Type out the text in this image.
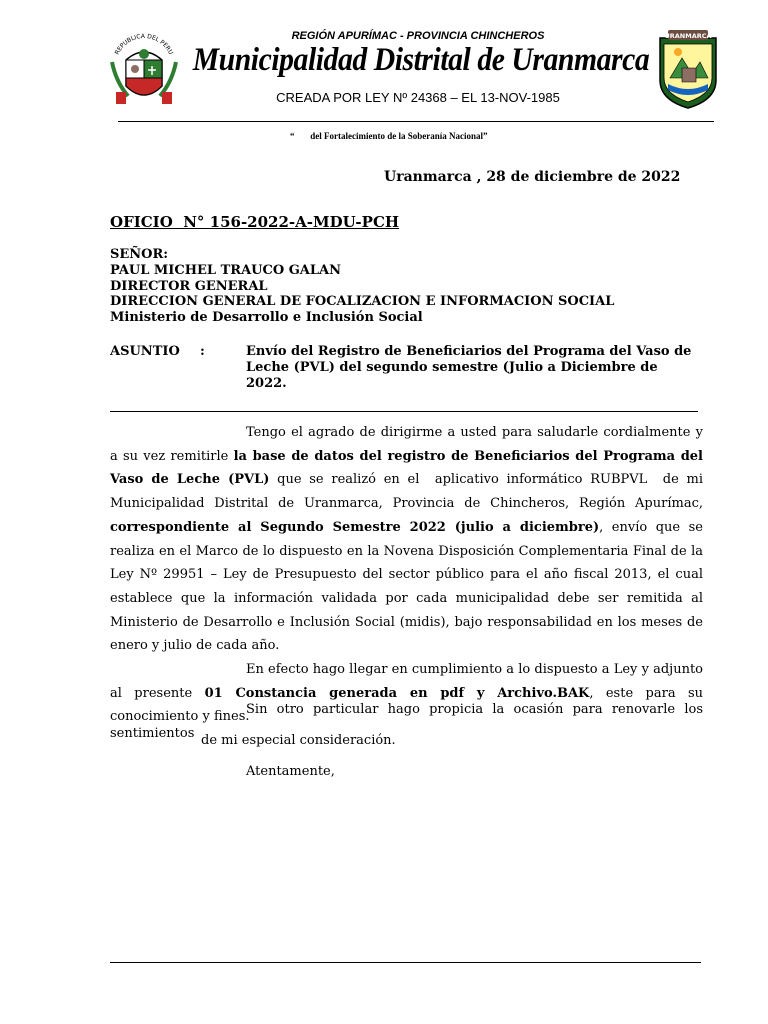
REPUBLICA DEL PERU
URANMARCA
REGIÓN APURÍMAC - PROVINCIA CHINCHEROS
Municipalidad Distrital de Uranmarca
CREADA POR LEY Nº 24368 – EL 13-NOV-1985
“       del Fortalecimiento de la Soberanía Nacional”
Uranmarca , 28 de diciembre de 2022
OFICIO  N° 156-2022-A-MDU-PCH
SEÑOR:
PAUL MICHEL TRAUCO GALAN
DIRECTOR GENERAL
DIRECCION GENERAL DE FOCALIZACION E INFORMACION SOCIAL
Ministerio de Desarrollo e Inclusión Social
ASUNTIO :	Envío del Registro de Beneficiarios del Programa del Vaso de Leche (PVL) del segundo semestre (Julio a Diciembre de 2022.

Tengo el agrado de dirigirme a usted para saludarle cordialmente y a su vez remitirle la base de datos del registro de Beneficiarios del Programa del Vaso de Leche (PVL) que se realizó en el  aplicativo informático RUBPVL  de mi Municipalidad Distrital de Uranmarca, Provincia de Chincheros, Región Apurímac, correspondiente al Segundo Semestre 2022 (julio a diciembre), envío que se realiza en el Marco de lo dispuesto en la Novena Disposición Complementaria Final de la Ley Nº 29951 – Ley de Presupuesto del sector público para el año fiscal 2013, el cual establece que la información validada por cada municipalidad debe ser remitida al Ministerio de Desarrollo e Inclusión Social (midis), bajo responsabilidad en los meses de enero y julio de cada año.

En efecto hago llegar en cumplimiento a lo dispuesto a Ley y adjunto al presente 01 Constancia generada en pdf y Archivo.BAK, este para su conocimiento y fines.

Sin otro particular hago propicia la ocasión para renovarle los sentimientos de mi especial consideración.
Atentamente,
